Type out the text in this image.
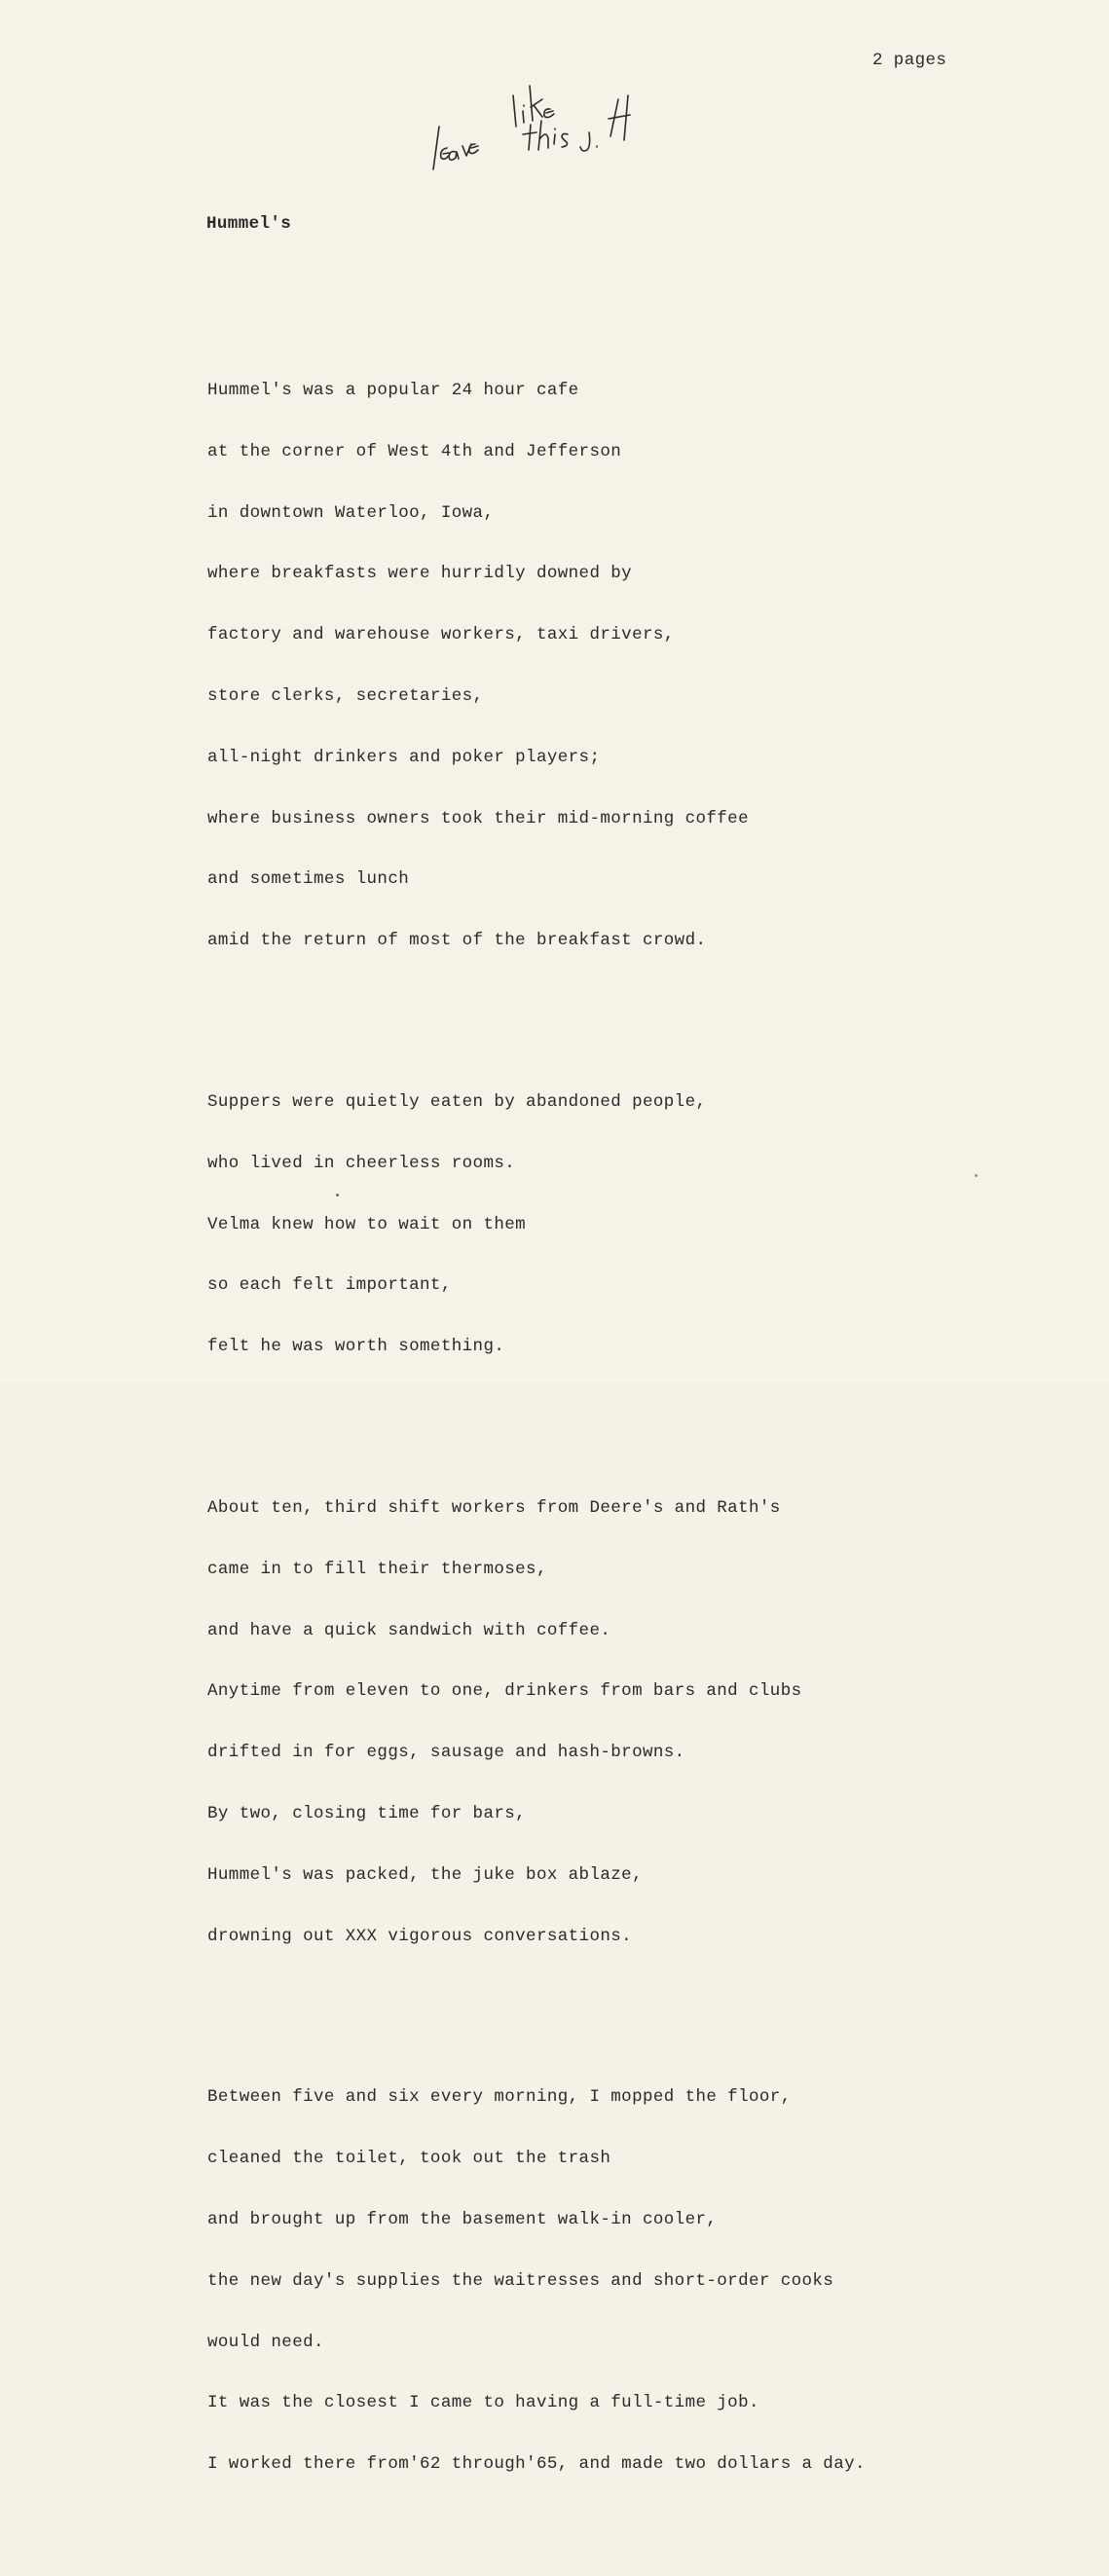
2 pages
Hummel's

Hummel's was a popular 24 hour cafe

at the corner of West 4th and Jefferson

in downtown Waterloo, Iowa,

where breakfasts were hurridly downed by

factory and warehouse workers, taxi drivers,

store clerks, secretaries,

all-night drinkers and poker players;

where business owners took their mid-morning coffee

and sometimes lunch

amid the return of most of the breakfast crowd.

Suppers were quietly eaten by abandoned people,

who lived in cheerless rooms.

Velma knew how to wait on them

so each felt important,

felt he was worth something.

About ten, third shift workers from Deere's and Rath's

came in to fill their thermoses,

and have a quick sandwich with coffee.

Anytime from eleven to one, drinkers from bars and clubs

drifted in for eggs, sausage and hash-browns.

By two, closing time for bars,

Hummel's was packed, the juke box ablaze,

drowning out XXX vigorous conversations.

Between five and six every morning, I mopped the floor,

cleaned the toilet, took out the trash

and brought up from the basement walk-in cooler,

the new day's supplies the waitresses and short-order cooks

would need.

It was the closest I came to having a full-time job.

I worked there from'62 through'65, and made two dollars a day.
